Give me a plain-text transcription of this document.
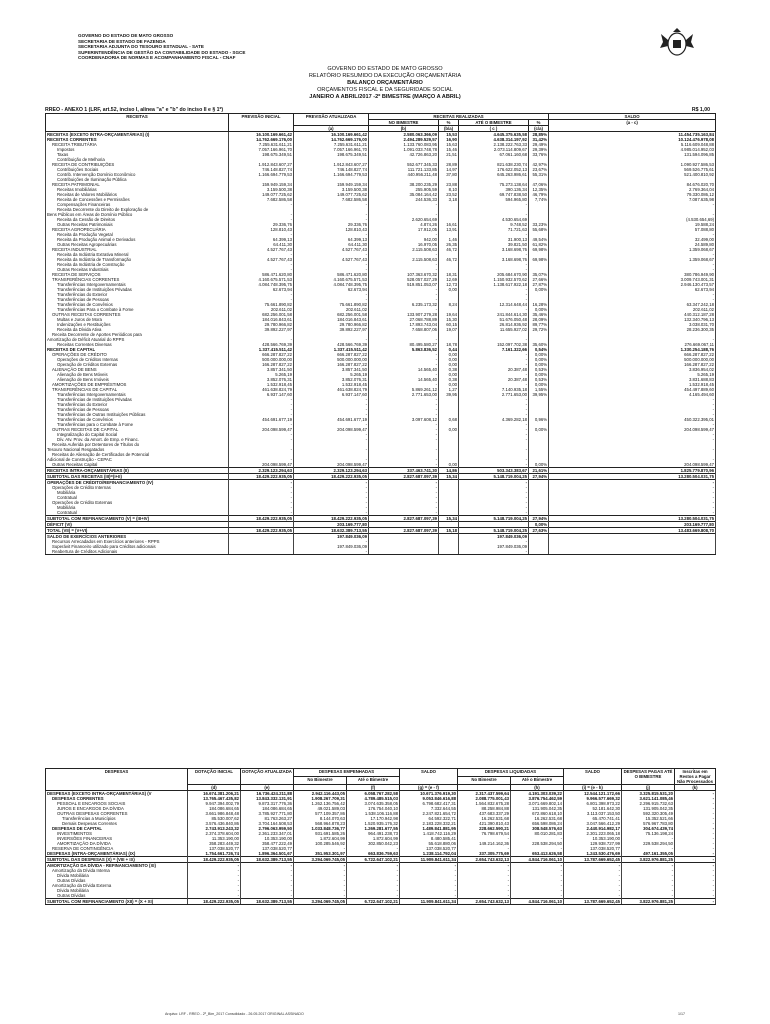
GOVERNO DO ESTADO DE MATO GROSSO
SECRETARIA DE ESTADO DE FAZENDA
SECRETARIA ADJUNTA DO TESOURO ESTADUAL - SATE
SUPERINTENDÊNCIA DE GESTÃO DA CONTABILIDADE DO ESTADO - SGCE
COORDENADORIA DE NORMAS E ACOMPANHAMENTO FISCAL - CNAF
GOVERNO DO ESTADO DE MATO GROSSO
RELATÓRIO RESUMIDO DA EXECUÇÃO ORÇAMENTÁRIA
BALANÇO ORÇAMENTÁRIO
ORÇAMENTOS FISCAL E DA SEGURIDADE SOCIAL
JANEIRO A ABRIL/2017 -2º BIMESTRE (MARÇO A ABRIL)
RREO - ANEXO 1 (LRF, art.52, inciso I, alínea "a" e "b" do inciso II e § 1º)	R$ 1,00
RECEITAS	PREVISÃO INICIAL	PREVISÃO ATUALIZADA	RECEITAS REALIZADAS				SALDO
			NO BIMESTRE	%	ATÉ O BIMESTRE	%	(a - c)
		(a)	(b)	(b/a)	( c )	(c/a)	
RECEITAS (EXCETO INTRA-ORÇAMENTÁRIAS) (I)	16.100.169.661,42	16.100.169.661,42	2.580.063.366,09	15,53	4.645.375.635,58	28,85%	11.454.735.163,84
RECEITAS CORRENTES	14.762.669.176,00	14.762.669.176,00	2.494.289.529,57	16,90	4.638.314.197,92	31,42%	10.124.476.978,08
RECEITA TRIBUTÁRIA	7.255.631.611,21	7.255.631.611,21	1.133.760.083,95	15,63	2.138.222.763,33	29,49%	5.116.609.048,88
Impostos	7.057.166.961,70	7.057.166.961,70	1.091.033.748,78	15,46	2.073.114.809,67	29,39%	4.985.014.952,03
Taxas	198.675.349,51	198.675.349,51	42.726.863,20	21,51	67.061.160,68	33,76%	131.594.096,85
Contribuição de Melhoria							
RECEITA DE CONTRIBUIÇÕES	1.912.843.607,27	1.912.843.607,27	552.677.345,33	28,89	821.638.230,74	42,97%	1.090.927.586,53
Contribuições Sociais	746.148.827,74	746.148.827,74	111.721.133,85	14,97	176.622.052,13	23,67%	569.526.775,61
Contrib. Intervenção Domínio Econômico	1.166.694.779,53	1.166.694.779,53	440.956.211,48	37,80	645.263.986,61	55,31%	521.400.810,92
Contribuições de Iluminação Pública							
RECEITA PATRIMONIAL	159.949.159,34	159.949.159,34	38.200.235,29	23,88	75.273.138,64	47,06%	84.676.020,70
Receitas Imobiliárias	3.159.500,38	3.159.500,38	255.905,59	8,10	390.136,34	12,35%	2.769.364,04
Receitas de Valores Mobiliários	149.077.725,62	149.077.725,62	35.084.164,42	23,52	69.747.838,50	46,79%	79.330.086,12
Receita de Concessões e Permissões	7.682.586,58	7.682.586,58	244.536,33	3,18	594.965,80	7,74%	7.087.635,98
Compensações Financeiras	-	-	-		-		-
Receita Decorrente do Direito de Exploração de							
Bens Públicos em Áreas de Domínio Público	-	-	-		-		-
Receita da Cessão de Direitos	-	-	2.620.654,69		4.530.654,69		(4.530.654,69)
Outras Receitas Patrimoniais	29.336,76	29.336,76	4.874,26	16,61	9.748,52	33,23%	19.588,24
RECEITA AGROPECUÁRIA	128.810,43	128.810,43	17.912,05	13,91	71.721,63	55,68%	57.088,80
Receita da Produção Vegetal	-	-	-		-		-
Receita da Produção Animal e Derivados	64.399,13	64.399,13	942,00	1,46	31.900,13	49,54%	32.499,00
Outras Receitas Agropecuárias	64.411,30	64.411,30	16.970,05	26,35	39.821,50	61,82%	24.589,80
RECEITA INDUSTRIAL	4.527.767,43	4.527.767,43	2.115.508,63	46,72	3.168.698,76	69,98%	1.359.068,67
Receita da Indústria Extrativa Mineral	-	-	-		-		-
Receita da Indústria de Transformação	4.527.767,43	4.527.767,43	2.115.508,63	46,72	3.168.698,76	69,98%	1.359.068,67
Receita da Indústria de Construção	-	-	-		-		-
Outras Receitas Industriais	-	-	-		-		-
RECEITA DE SERVIÇOS	586.471.620,80	586.471.620,80	107.363.670,32	18,31	205.684.670,90	35,07%	380.786.949,90
TRANSFERÊNCIAS CORRENTES	4.160.675.571,53	4.160.675.571,53	528.057.027,29	12,69	1.150.932.570,62	27,66%	3.009.743.001,31
Transferências Intergovernamentais	4.084.748.395,75	4.084.748.395,75	519.851.053,07	12,73	1.138.617.922,18	27,87%	2.946.130.473,57
Transferências de Instituições Privadas	62.673,94	62.673,94	-	0,00	-	0,00%	62.673,94
Transferências do Exterior	-	-	-		-		-
Transferências de Pessoas	-	-	-		-		-
Transferências de Convênios	75.661.890,82	75.661.890,82	6.235.173,32	8,24	12.314.648,44	16,28%	63.347.242,18
Transferências Para o Combate à Fome	202.611,02	202.611,02	-		-	0,00%	202.611,02
OUTRAS RECEITAS CORRENTES	682.256.001,58	682.256.001,58	133.907.279,28	19,64	241.844.614,30	35,46%	440.312.187,28
Multas e Juros de Mora	184.016.843,61	184.016.843,61	27.068.788,89	15,30	51.676.050,48	28,09%	132.340.796,13
Indenizações e Restituições	29.780.966,82	29.780.966,82	17.893.743,04	60,15	26.814.936,92	89,77%	3.038.031,70
Receita da Dívida Ativa	39.892.227,97	39.892.227,97	7.658.807,06	19,07	11.655.927,02	29,72%	28.236.300,35
Receita Decorrente de Aportes Periódicos para							
Amortização de Déficit Atuarial do RPPS	-	-	-		-		-
Receitas Correntes Diversas	428.566.769,39	428.566.769,39	80.495.580,27	18,78	152.097.702,38	35,60%	276.669.067,11
RECEITAS DE CAPITAL	1.337.415.511,42	1.337.415.511,42	5.863.836,52	0,44	7.161.322,66	0,54%	1.330.254.188,76
OPERAÇÕES DE CRÉDITO	666.287.827,22	666.287.827,22	-	0,00	-	0,00%	666.287.827,22
Operações de Créditos Internas	500.000.000,00	500.000.000,00	-	0,00	-	0,00%	500.000.000,00
Operação de Créditos Externas	166.287.827,22	166.287.827,22	-	0,00	-	0,00%	166.287.827,22
ALIENAÇÃO DE BENS	3.857.341,50	3.857.341,50	14.565,40	0,38	20.387,48	0,53%	3.836.954,02
Alienação de Bens Móveis	5.265,19	5.265,19	-	0,00	-	0,00%	5.265,19
Alienação de Bens Imóveis	3.852.076,31	3.852.076,31	14.565,40	0,38	20.387,48	0,53%	3.831.688,83
AMORTIZAÇÕES DE EMPRÉSTIMOS	1.532.918,45	1.532.918,45	-	0,00	-	0,00%	1.532.918,45
TRANSFERÊNCIAS DE CAPITAL	461.638.824,79	461.638.824,79	5.869.261,12	1,27	7.140.935,18	1,55%	454.497.889,60
Transferências Intergovernamentais	6.937.147,60	6.937.147,60	2.771.653,00	39,95	2.771.653,00	39,95%	4.165.494,60
Transferências de Instituições Privadas	-	-	-		-		-
Transferências do Exterior	-	-	-		-		-
Transferências de Pessoas	-	-	-		-		-
Transferências de Outras Instituições Públicas	-	-	-		-		-
Transferências de Convênios	454.691.677,19	454.691.677,19	3.097.608,12	0,68	4.369.282,18	0,96%	450.322.395,01
Transferências para o Combate à Fome	-	-	-		-		-
OUTRAS RECEITAS DE CAPITAL	204.098.599,47	204.098.599,47	-	0,00	-	0,00%	204.098.599,47
Integralização do Capital Social	-	-	-		-		-
Dív. Atv. Prov. da Amort. de Emp. e Financ.	-	-	-		-		-
Receita Auferida por Detentores de Títulos do							
Tesouro Nacional Resgatados	-	-	-		-		-
Receitas de Alienação de Certificados de Potencial							
Adicional de Construção - CEPAC	-	-	-		-		-
Outras Receitas Capital	204.098.599,47	204.098.599,47	-	0,00	-	0,00%	204.098.599,47
RECEITAS INTRA-ORÇAMENTÁRIAS (II)	2.329.123.294,63	2.329.123.294,63	337.463.741,30	14,86	503.343.383,67	21,61%	1.825.779.870,96
SUBTOTAL DAS RECEITAS (III)=(I+II)	18.429.222.935,05	18.429.222.935,05	2.827.687.097,39	15,34	5.148.719.004,25	27,94%	13.280.504.031,75
OPERAÇÕES DE CRÉDITO/REFINANCIAMENTO (IV)	-	-	-		-		-
Operações de Crédito Internas	-	-	-		-		-
Mobiliária	-	-	-		-		-
Contratual	-	-	-		-		-
Operações de Crédito Externas	-	-	-		-		-
Mobiliária	-	-	-		-		-
Contratual	-	-	-		-		-
SUBTOTAL COM REFINANCIAMENTO (V) = (III+IV)	18.429.222.935,05	18.429.222.935,05	2.827.687.097,39	15,34	5.148.719.004,25	27,94%	13.280.504.031,75
DÉFICIT (VI)		203.169.777,80				0,00%	203.169.777,80
TOTAL (VII) = (V+VI)	18.429.222.935,05	18.632.389.713,55	2.827.687.097,39	15,18	5.148.719.004,25	27,63%	13.483.669.808,70
SALDO DE EXERCÍCIOS ANTERIORES		197.849.036,09			197.849.036,09		
Recursos Arrecadados em Exercícios anteriores - RPPS		-			-		
Superávit Financeiro utilizado para Créditos adicionais		197.849.036,09			197.849.036,09		
Reabertura de Créditos Adicionais		-			-		
DESPESAS	DOTAÇÃO INICIAL	DOTAÇÃO ATUALIZADA	DESPESAS EMPENHADAS		SALDO	DESPESAS LIQUIDADAS		SALDO	DESPESAS PAGAS ATÉ O BIMESTRE	Inscritas em Restos a Pagar Não Processados
			No Bimestre	Até o Bimestre		No Bimestre	Até o Bimestre			
	(d)	(e)		(f)	(g) = (e - f)		(h)	(i) = (e - h)	(j)	(k)
DESPESAS (EXCETO INTRA-ORÇAMENTÁRIAS) (V	16.674.381.206,21	16.736.424.211,88	2.942.116.443,05	6.058.767.282,58	10.671.376.919,30	2.317.437.599,64	4.191.303.039,22	12.544.121.172,66	3.325.815.531,20	-
DESPESAS CORRENTES	13.765.467.435,82	13.843.332.131,91	1.908.267.709,31	4.789.485.515,03	9.053.846.616,88	2.088.775.001,43	3.876.754.462,59	9.966.577.669,32	3.621.141.085,46	-
PESSOAL E ENCARGOS SOCIAIS	9.947.394.002,79	9.873.317.776,36	1.262.136.756,42	3.074.635.358,05	6.798.682.417,31	1.564.832.675,28	3.071.669.802,14	6.801.398.973,22	2.296.915.732,63	-
JUROS E ENCARGOS DA DÍVIDA	184.086.684,65	184.086.684,65	49.021.589,03	176.754.040,10	7.332.644,55	88.258.984,88	131.905.042,35	52.181.642,30	131.905.042,35	-
OUTRAS DESPESAS CORRENTES	3.661.986.848,48	3.785.927.771,80	577.109.357,86	1.538.106.116,88	2.247.821.654,72	437.683.337,29	672.860.618,10	3.113.037.153,50	592.320.305,49	-
Transferências a Municípios	85.530.007,62	81.763.263,27	8.144.070,63	17.170.942,98	64.592.322,71	16.262.531,68	16.262.531,68	65.470.741,41	15.352.521,66	-
Demais Despesas Correntes	3.576.436.840,86	3.704.164.508,53	568.964.878,23	1.520.935.176,32	2.183.228.332,21	421.390.810,43	656.598.086,24	3.047.566.412,29	576.967.783,80	-
DESPESAS DE CAPITAL	2.743.913.243,32	2.796.063.959,50	1.033.848.736,77	1.269.281.677,55	1.489.841.881,95	228.662.590,21	308.548.576,63	2.440.914.982,17	304.674.439,74	-
INVESTIMENTOS	2.374.378.604,00	2.361.233.347,01	931.691.585,26	964.491.238,73	1.418.742.116,29	76.798.679,54	80.010.281,83	2.301.223.065,18	75.136.198,24	-
INVERSÕES FINANCEIRAS	11.353.190,00	10.353.190,00	1.872.604,99	1.872.604,99	8.480.585,41	-	-	10.353.190,00	-	-
AMORTIZAÇÃO DA DÍVIDA	358.283.449,32	358.477.222,49	100.285.546,92	302.850.042,23	55.618.880,06	149.214.162,36	228.538.294,50	129.938.727,99	229.538.294,50	-
RESERVA DE CONTINGÊNCIA	137.038.520,77	137.038.520,77	-	-	137.038.520,77	-	-	137.038.520,77	-	-
DESPESAS (INTRA-ORÇAMENTÁRIAS) (IX)	1.754.661.726,74	1.896.364.501,67	351.953.301,97	663.836.759,63	1.238.114.792,04	337.305.775,69	653.413.626,58	1.243.530.476,69	497.161.355,05	-
SUBTOTAL DAS DESPESAS (X) = (VIII + IX)	18.429.222.935,05	18.632.389.713,55	3.294.069.745,05	6.722.647.102,21	11.909.841.611,34	2.654.743.632,13	4.844.716.061,10	13.787.669.652,45	3.822.976.881,25	-
AMORTIZAÇÃO DA DÍVIDA - REFINANCIAMENTO (XI)	-	-	-	-	-	-	-	-	-	-
Amortização da Dívida Interna	-	-	-	-	-	-	-	-	-	-
Dívida Mobiliária	-	-	-	-	-	-	-	-	-	-
Outras Dívidas	-	-	-	-	-	-	-	-	-	-
Amortização da Dívida Externa	-	-	-	-	-	-	-	-	-	-
Dívida Mobiliária	-	-	-	-	-	-	-	-	-	-
Outras Dívidas	-	-	-	-	-	-	-	-	-	-
SUBTOTAL COM REFINANCIAMENTO (XII) = (X + XI)	18.429.222.935,05	18.632.389.713,55	3.294.069.745,05	6.722.647.102,21	11.909.841.611,34	2.654.743.632,13	4.844.716.061,10	13.787.669.652,45	3.822.976.881,25	-
Arquivo: LRF - RREO - 2º_Bim_2017 Consolidado - 26.05.2017 ORIGINAL ASSINADO	1/17
